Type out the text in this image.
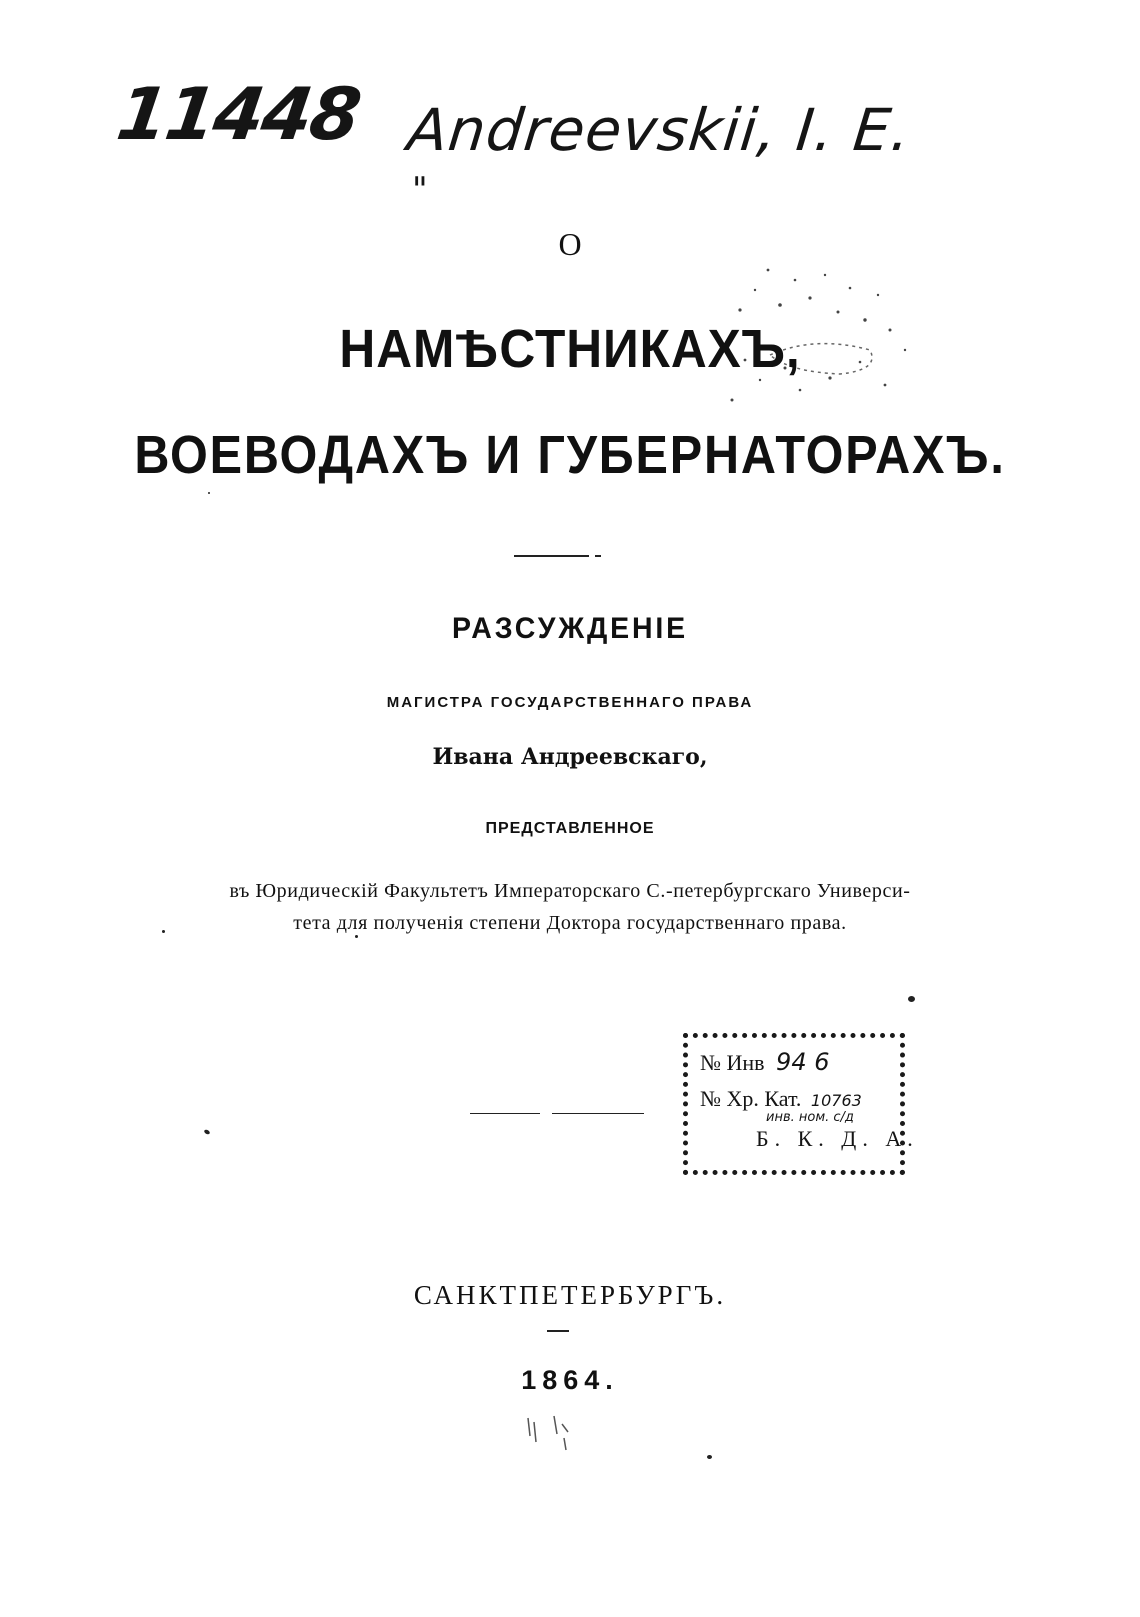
11448 Andreevskii, I. E.
"
О
НАМѢСТНИКАХЪ,
ВОЕВОДАХЪ И ГУБЕРНАТОРАХЪ.
РАЗСУЖДЕНІЕ
МАГИСТРА ГОСУДАРСТВЕННАГО ПРАВА
Ивана Андреевскаго,
ПРЕДСТАВЛЕННОЕ
въ Юридическій Факультетъ Императорскаго С.-петербургскаго Универси-
тета для полученія степени Доктора государственнаго права.
№ Инв 94 6
№ Хр. Кат. 10763
инв. ном. с/д
Б. К. Д. А.
САНКТПЕТЕРБУРГЪ.
1864.
